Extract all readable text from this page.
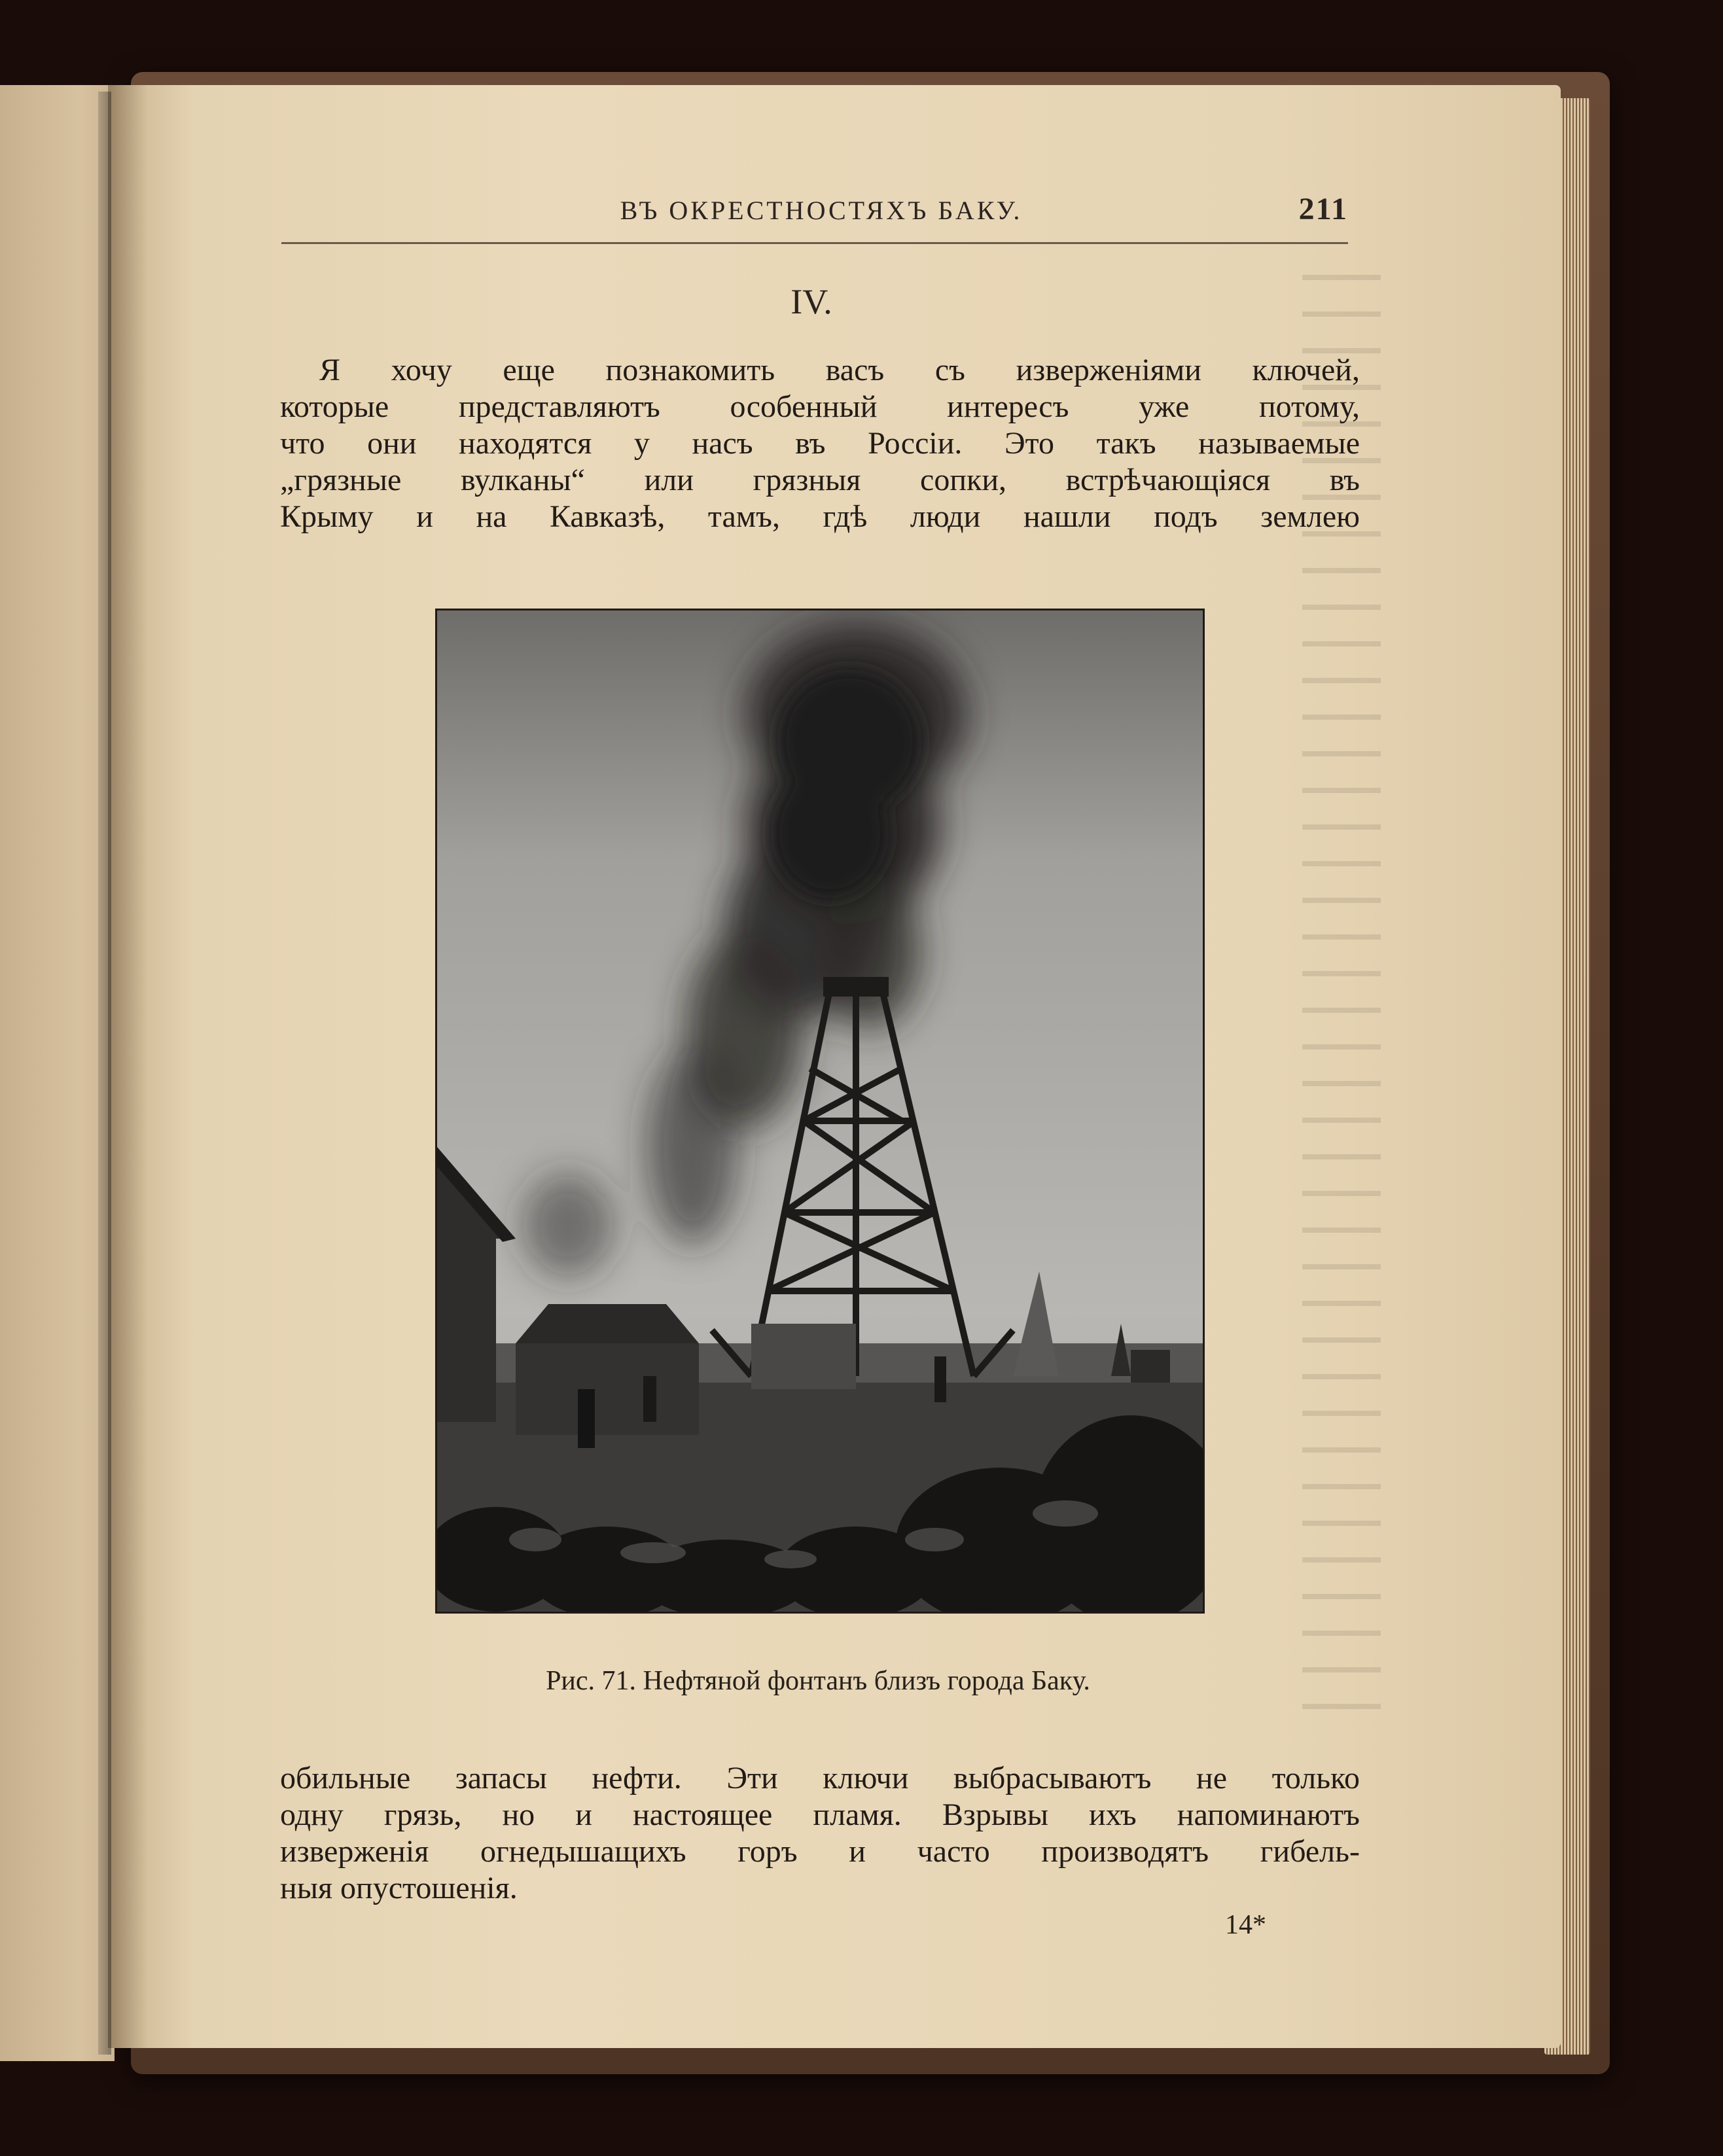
ВЪ ОКРЕСТНОСТЯХЪ БАКУ.	211
IV.
Я хочу еще познакомить васъ съ изверженіями ключей,
которые представляютъ особенный интересъ уже потому,
что они находятся у насъ въ Россіи. Это такъ называемые
„грязные вулканы“ или грязныя сопки, встрѣчающіяся въ
Крыму и на Кавказѣ, тамъ, гдѣ люди нашли подъ землею
Рис. 71. Нефтяной фонтанъ близъ города Баку.
обильные запасы нефти. Эти ключи выбрасываютъ не только
одну грязь, но и настоящее пламя. Взрывы ихъ напоминаютъ
изверженія огнедышащихъ горъ и часто производятъ гибель-
ныя опустошенія.
14*
